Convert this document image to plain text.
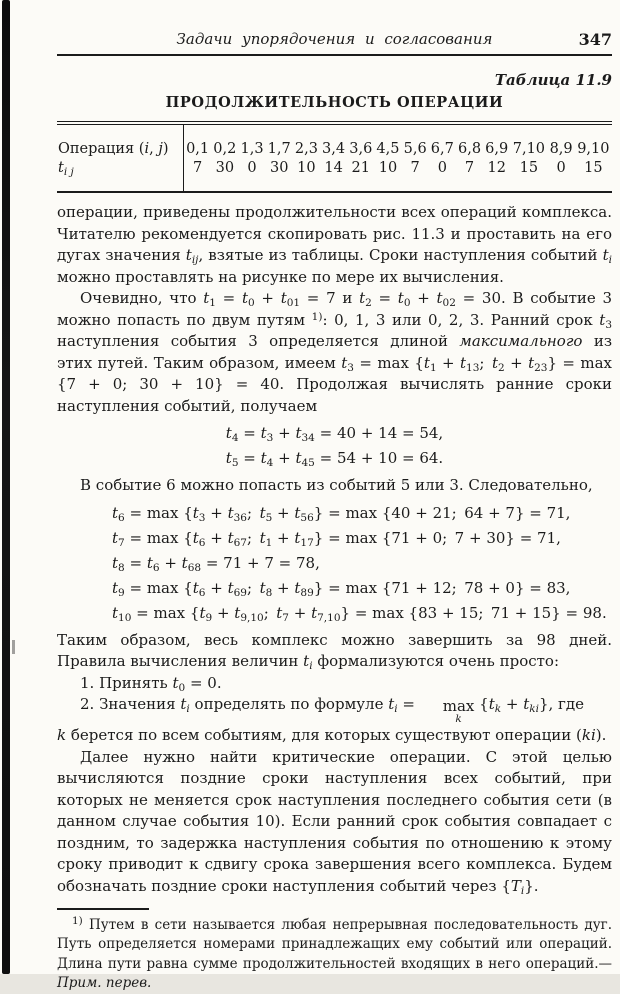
347
Задачи упорядочения и согласования
Таблица 11.9
ПРОДОЛЖИТЕЛЬНОСТЬ ОПЕРАЦИИ
Операция (i, j)	0,1	0,2	1,3	1,7	2,3	3,4	3,6	4,5	5,6	6,7	6,8	6,9	7,10	8,9	9,10
$t_{i j}$	7	30	0	30	10	14	21	10	7	0	7	12	15	0	15

операции, приведены продолжительности всех операций комплекса. Читателю рекомендуется скопировать рис. 11.3 и проставить на его дугах значения $t_{ij}$, взятые из таблицы. Сроки наступления событий $t_i$ можно проставлять на рисунке по мере их вычисления.

Очевидно, что $t_1 = t_0 + t_{01} = 7$ и $t_2 = t_0 + t_{02} = 30$. В событие 3 можно попасть по двум путям $^{1)}$: 0, 1, 3 или 0, 2, 3. Ранний срок $t_3$ наступления события 3 определяется длиной максимального из этих путей. Таким образом, имеем $t_3 = \max \{t_1 + t_{13}$; $t_2 + t_{23}\} = \max \{7 + 0$; 30 + 10} = 40. Продолжая вычислять ранние сроки наступления событий, получаем

$t_4 = t_3 + t_{34} = 40 + 14 = 54$,
$t_5 = t_4 + t_{45} = 54 + 10 = 64$.

В событие 6 можно попасть из событий 5 или 3. Следовательно,

$t_6 = \max \{t_3 + t_{36}$; $t_5 + t_{56}\} = \max \{40 + 21$; 64 + 7} = 71,
$t_7 = \max \{t_6 + t_{67}$; $t_1 + t_{17}\} = \max \{71 + 0$; 7 + 30} = 71,
$t_8 = t_6 + t_{68} = 71 + 7 = 78$,
$t_9 = \max \{t_6 + t_{69}$; $t_8 + t_{89}\} = \max \{71 + 12$; 78 + 0} = 83,
$t_{10} = \max \{t_9 + t_{9,10}$; $t_7 + t_{7,10}\} = \max \{83 + 15$; 71 + 15} = 98.

Таким образом, весь комплекс можно завершить за 98 дней. Правила вычисления величин $t_i$ формализуются очень просто:

1. Принять $t_0 = 0$.

2. Значения $t_i$ определять по формуле $t_i$ =	max
k
$\{t_k + t_{ki}\}$, где

k берется по всем событиям, для которых существуют операции (ki).

Далее нужно найти критические операции. С этой целью вычисляются поздние сроки наступления всех событий, при которых не меняется срок наступления последнего события сети (в данном случае события 10). Если ранний срок события совпадает с поздним, то задержка наступления события по отношению к этому сроку приводит к сдвигу срока завершения всего комплекса. Будем обозначать поздние сроки наступления событий через $\{T_i\}$.

$^{1)}$ Путем в сети называется любая непрерывная последовательность дуг. Путь определяется номерами принадлежащих ему событий или операций. Длина пути равна сумме продолжительностей входящих в него операций.— Прим. перев.
